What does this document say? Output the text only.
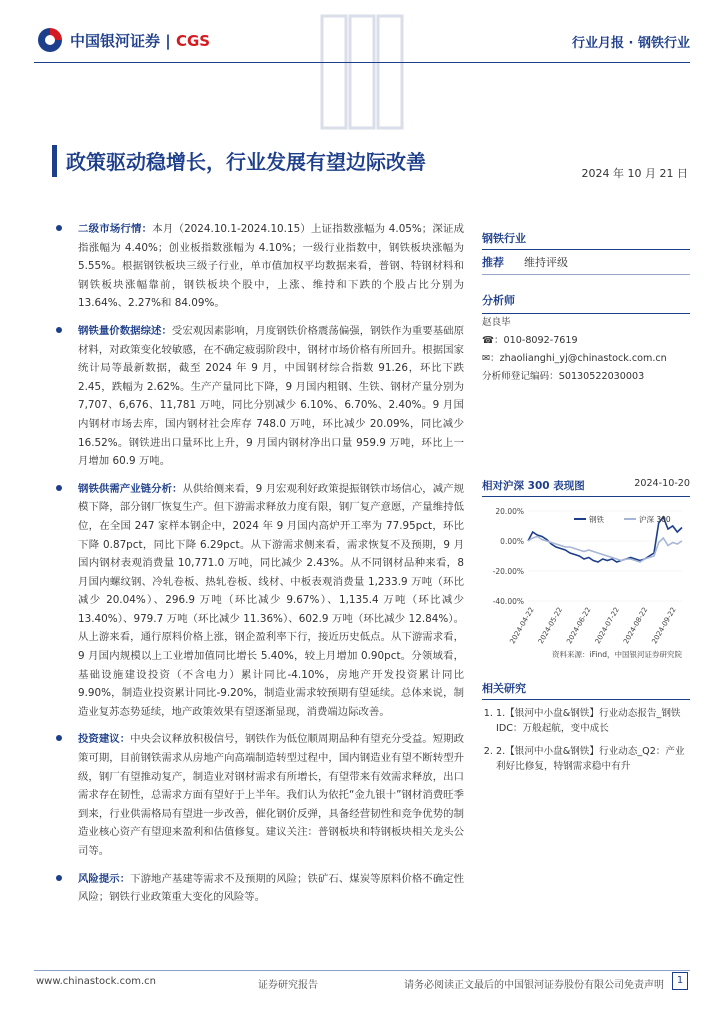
中国银河证券 | CGS	行业月报 · 钢铁行业
政策驱动稳增长，行业发展有望边际改善	2024 年 10 月 21 日
二级市场行情：本月（2024.10.1-2024.10.15）上证指数涨幅为 4.05%；深证成指涨幅为 4.40%；创业板指数涨幅为 4.10%；一级行业指数中，钢铁板块涨幅为 5.55%。根据钢铁板块三级子行业，单市值加权平均数据来看，普钢、特钢材料和钢铁板块涨幅靠前，钢铁板块个股中，上涨、维持和下跌的个股占比分别为 13.64%、2.27%和 84.09%。
钢铁量价数据综述：受宏观因素影响，月度钢铁价格震荡偏强，钢铁作为重要基础原材料，对政策变化较敏感，在不确定疲弱阶段中，钢材市场价格有所回升。根据国家统计局等最新数据，截至 2024 年 9 月，中国钢材综合指数 91.26，环比下跌 2.45，跌幅为 2.62%。生产产量同比下降，9 月国内粗钢、生铁、钢材产量分别为 7,707、6,676、11,781 万吨，同比分别减少 6.10%、6.70%、2.40%。9 月国内钢材市场去库，国内钢材社会库存 748.0 万吨，环比减少 20.09%，同比减少 16.52%。钢铁进出口量环比上升，9 月国内钢材净出口量 959.9 万吨，环比上一月增加 60.9 万吨。
钢铁供需产业链分析：从供给侧来看，9 月宏观利好政策提振钢铁市场信心，减产规模下降，部分钢厂恢复生产。但下游需求释放力度有限，钢厂复产意愿，产量维持低位，在全国 247 家样本钢企中，2024 年 9 月国内高炉开工率为 77.95pct，环比下降 0.87pct，同比下降 6.29pct。从下游需求侧来看，需求恢复不及预期，9 月国内钢材表观消费量 10,771.0 万吨，同比减少 2.43%。从不同钢材品种来看，8 月国内螺纹钢、冷轧卷板、热轧卷板、线材、中板表观消费量 1,233.9 万吨（环比减少 20.04%）、296.9 万吨（环比减少 9.67%）、1,135.4 万吨（环比减少 13.40%）、979.7 万吨（环比减少 11.36%）、602.9 万吨（环比减少 12.84%）。从上游来看，通行原料价格上涨，钢企盈利率下行，接近历史低点。从下游需求看，9 月国内规模以上工业增加值同比增长 5.40%，较上月增加 0.90pct。分领域看，基础设施建设投资（不含电力）累计同比-4.10%，房地产开发投资累计同比 9.90%，制造业投资累计同比-9.20%，制造业需求较预期有望延续。总体来说，制造业复苏态势延续，地产政策效果有望逐渐显现，消费端边际改善。
投资建议：中央会议释放积极信号，钢铁作为低位顺周期品种有望充分受益。短期政策可期，目前钢铁需求从房地产向高端制造转型过程中，国内钢造业有望不断转型升级，钢厂有望推动复产，制造业对钢材需求有所增长，有望带来有效需求释放，出口需求存在韧性，总需求方面有望好于上半年。我们认为依托“金九银十”钢材消费旺季到来，行业供需格局有望进一步改善，催化钢价反弹，具备经营韧性和竞争优势的制造业核心资产有望迎来盈利和估值修复。建议关注：普钢板块和特钢板块相关龙头公司等。
风险提示：下游地产基建等需求不及预期的风险；铁矿石、煤炭等原料价格不确定性风险；钢铁行业政策重大变化的风险等。
钢铁行业
推荐 维持评级
分析师
赵良毕
☎：010-8092-7619
✉：zhaolianghi_yj@chinastock.com.cn
分析师登记编码：S0130522030003
相对沪深 300 表现图	2024-10-20
20.00%
0.00%
-20.00%
-40.00%
2024-04-22 2024-05-22 2024-06-22 2024-07-22 2024-08-22 2024-09-22
钢铁	沪深 300
资料来源：iFind，中国银河证券研究院
相关研究
1. 1.【银河中小盘&钢铁】行业动态报告_钢铁 IDC：万般起航，变中成长
2. 2.【银河中小盘&钢铁】行业动态_Q2：产业利好比修复，特钢需求稳中有升
www.chinastock.com.cn	证券研究报告	请务必阅读正文最后的中国银河证券股份有限公司免责声明	1
